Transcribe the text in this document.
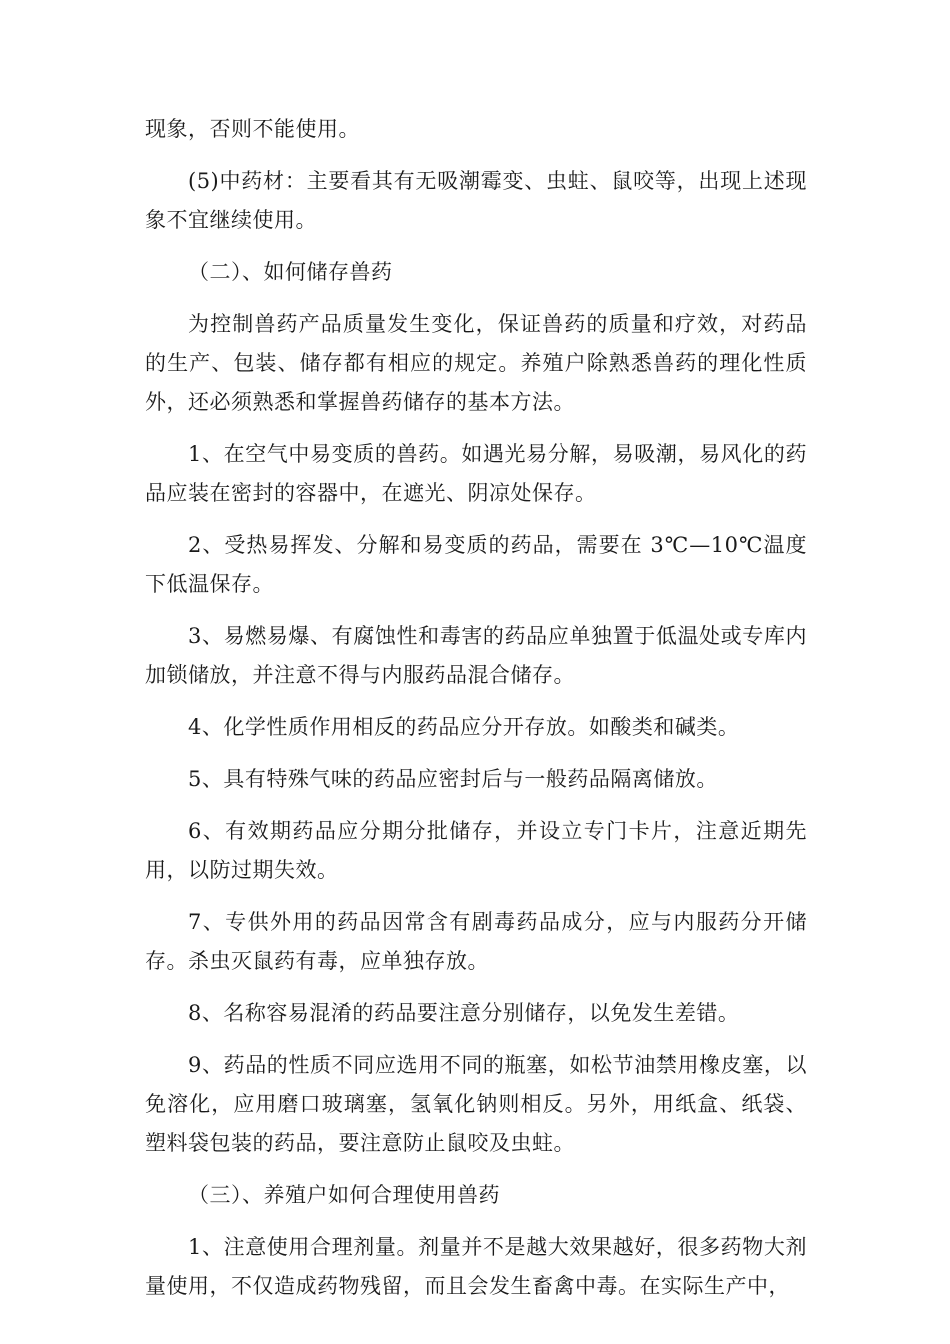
现象，否则不能使用。

(5)中药材：主要看其有无吸潮霉变、虫蛀、鼠咬等，出现上述现象不宜继续使用。

（二）、如何储存兽药

为控制兽药产品质量发生变化，保证兽药的质量和疗效，对药品的生产、包装、储存都有相应的规定。养殖户除熟悉兽药的理化性质外，还必须熟悉和掌握兽药储存的基本方法。

1、在空气中易变质的兽药。如遇光易分解，易吸潮，易风化的药品应装在密封的容器中，在遮光、阴凉处保存。

2、受热易挥发、分解和易变质的药品，需要在 3℃—10℃温度下低温保存。

3、易燃易爆、有腐蚀性和毒害的药品应单独置于低温处或专库内加锁储放，并注意不得与内服药品混合储存。

4、化学性质作用相反的药品应分开存放。如酸类和碱类。

5、具有特殊气味的药品应密封后与一般药品隔离储放。

6、有效期药品应分期分批储存，并设立专门卡片，注意近期先用，以防过期失效。

7、专供外用的药品因常含有剧毒药品成分，应与内服药分开储存。杀虫灭鼠药有毒，应单独存放。

8、名称容易混淆的药品要注意分别储存，以免发生差错。

9、药品的性质不同应选用不同的瓶塞，如松节油禁用橡皮塞，以免溶化，应用磨口玻璃塞，氢氧化钠则相反。另外，用纸盒、纸袋、塑料袋包装的药品，要注意防止鼠咬及虫蛀。

（三）、养殖户如何合理使用兽药

1、注意使用合理剂量。剂量并不是越大效果越好，很多药物大剂量使用，不仅造成药物残留，而且会发生畜禽中毒。在实际生产中，
